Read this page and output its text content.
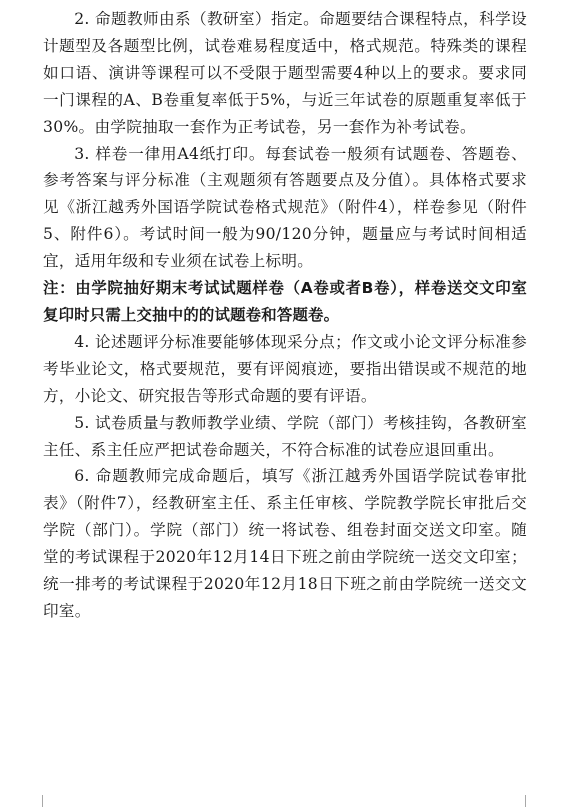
2. 命题教师由系（教研室）指定。命题要结合课程特点，科学设计题型及各题型比例，试卷难易程度适中，格式规范。特殊类的课程如口语、演讲等课程可以不受限于题型需要4种以上的要求。要求同一门课程的A、B卷重复率低于5%，与近三年试卷的原题重复率低于30%。由学院抽取一套作为正考试卷，另一套作为补考试卷。

3. 样卷一律用A4纸打印。每套试卷一般须有试题卷、答题卷、参考答案与评分标准（主观题须有答题要点及分值）。具体格式要求见《浙江越秀外国语学院试卷格式规范》（附件4），样卷参见（附件5、附件6）。考试时间一般为90/120分钟，题量应与考试时间相适宜，适用年级和专业须在试卷上标明。

注：由学院抽好期末考试试题样卷（A卷或者B卷），样卷送交文印室复印时只需上交抽中的的试题卷和答题卷。

4. 论述题评分标准要能够体现采分点；作文或小论文评分标准参考毕业论文，格式要规范，要有评阅痕迹，要指出错误或不规范的地方，小论文、研究报告等形式命题的要有评语。

5. 试卷质量与教师教学业绩、学院（部门）考核挂钩，各教研室主任、系主任应严把试卷命题关，不符合标准的试卷应退回重出。

6. 命题教师完成命题后，填写《浙江越秀外国语学院试卷审批表》（附件7），经教研室主任、系主任审核、学院教学院长审批后交学院（部门）。学院（部门）统一将试卷、组卷封面交送文印室。随堂的考试课程于2020年12月14日下班之前由学院统一送交文印室；统一排考的考试课程于2020年12月18日下班之前由学院统一送交文印室。
